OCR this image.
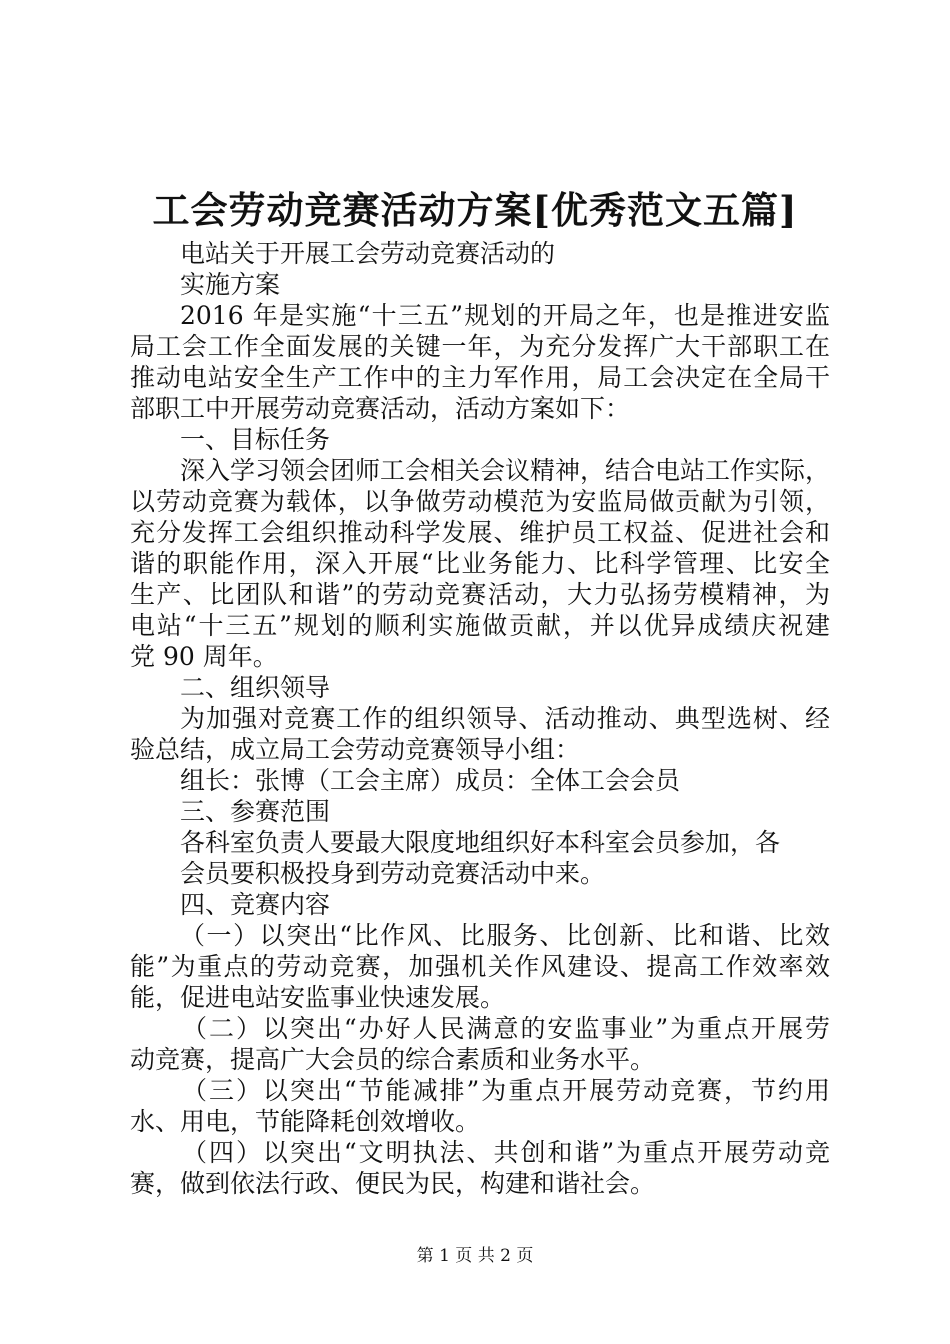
工会劳动竞赛活动方案[优秀范文五篇]

电站关于开展工会劳动竞赛活动的

实施方案

2016 年是实施“十三五”规划的开局之年，也是推进安监

局工会工作全面发展的关键一年，为充分发挥广大干部职工在

推动电站安全生产工作中的主力军作用，局工会决定在全局干

部职工中开展劳动竞赛活动，活动方案如下：

一、目标任务

深入学习领会团师工会相关会议精神，结合电站工作实际，

以劳动竞赛为载体，以争做劳动模范为安监局做贡献为引领，

充分发挥工会组织推动科学发展、维护员工权益、促进社会和

谐的职能作用，深入开展“比业务能力、比科学管理、比安全

生产、比团队和谐”的劳动竞赛活动，大力弘扬劳模精神，为

电站“十三五”规划的顺利实施做贡献，并以优异成绩庆祝建

党 90 周年。

二、组织领导

为加强对竞赛工作的组织领导、活动推动、典型选树、经

验总结，成立局工会劳动竞赛领导小组：

组长：张博（工会主席）成员：全体工会会员

三、参赛范围

各科室负责人要最大限度地组织好本科室会员参加，各

会员要积极投身到劳动竞赛活动中来。

四、竞赛内容

（一）以突出“比作风、比服务、比创新、比和谐、比效

能”为重点的劳动竞赛，加强机关作风建设、提高工作效率效

能，促进电站安监事业快速发展。

（二）以突出“办好人民满意的安监事业”为重点开展劳

动竞赛，提高广大会员的综合素质和业务水平。

（三）以突出“节能减排”为重点开展劳动竞赛，节约用

水、用电，节能降耗创效增收。

（四）以突出“文明执法、共创和谐”为重点开展劳动竞

赛，做到依法行政、便民为民，构建和谐社会。

第 1 页 共 2 页
